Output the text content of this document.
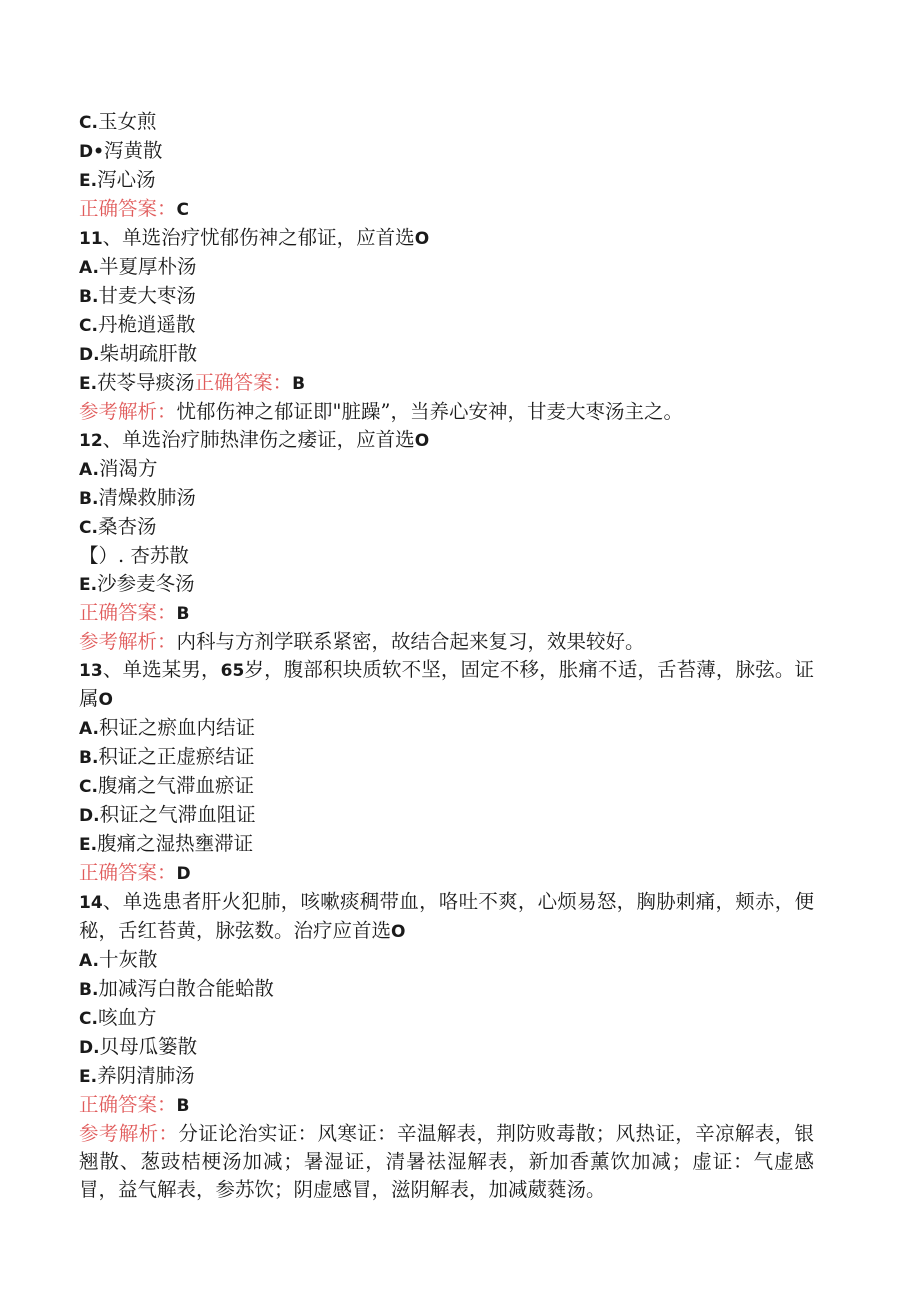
C.玉女煎
D•泻黄散
E.泻心汤
正确答案：C
11、单选治疗忧郁伤神之郁证，应首选O
A.半夏厚朴汤
B.甘麦大枣汤
C.丹桅逍遥散
D.柴胡疏肝散
E.茯苓导痰汤正确答案：B
参考解析：忧郁伤神之郁证即"脏躁”，当养心安神，甘麦大枣汤主之。
12、单选治疗肺热津伤之痿证，应首选O
A.消渴方
B.清燥救肺汤
C.桑杏汤
【）. 杏苏散
E.沙参麦冬汤
正确答案：B
参考解析：内科与方剂学联系紧密，故结合起来复习，效果较好。
13、单选某男，65岁，腹部积块质软不坚，固定不移，胀痛不适，舌苔薄，脉弦。证属O
A.积证之瘀血内结证
B.积证之正虚瘀结证
C.腹痛之气滞血瘀证
D.积证之气滞血阻证
E.腹痛之湿热壅滞证
正确答案：D
14、单选患者肝火犯肺，咳嗽痰稠带血，咯吐不爽，心烦易怒，胸胁刺痛，颊赤，便秘，舌红苔黄，脉弦数。治疗应首选O
A.十灰散
B.加减泻白散合能蛤散
C.咳血方
D.贝母瓜篓散
E.养阴清肺汤
正确答案：B
参考解析：分证论治实证：风寒证：辛温解表，荆防败毒散；风热证，辛凉解表，银翘散、葱豉桔梗汤加减；暑湿证，清暑祛湿解表，新加香薰饮加减；虚证：气虚感冒，益气解表，参苏饮；阴虚感冒，滋阴解表，加减葳蕤汤。
